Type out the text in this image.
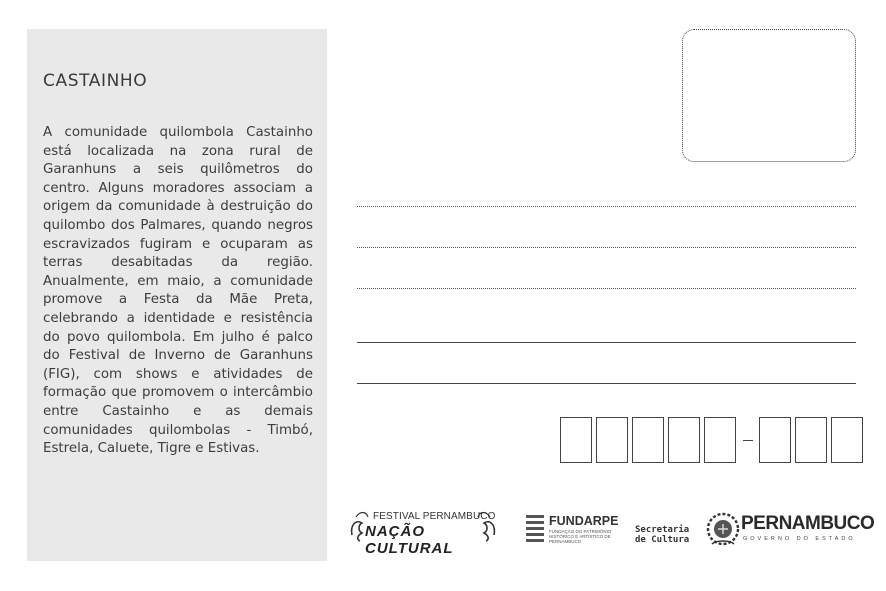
CASTAINHO

A comunidade quilombola Castainho está localizada na zona rural de Garanhuns a seis quilômetros do centro. Alguns moradores associam a origem da comunidade à destruição do quilombo dos Palmares, quando negros escravizados fugiram e ocuparam as terras desabitadas da região. Anualmente, em maio, a comunidade promove a Festa da Mãe Preta, celebrando a identidade e resistência do povo quilombola. Em julho é palco do Festival de Inverno de Garanhuns (FIG), com shows e atividades de formação que promovem o intercâmbio entre Castainho e as demais comunidades quilombolas - Timbó, Estrela, Caluete, Tigre e Estivas.

FESTIVAL PERNAMBUCO
NAÇÃO CULTURAL
FUNDARPE
FUNDAÇÃO DO PATRIMÔNIO HISTÓRICO E ARTÍSTICO DE PERNAMBUCO
Secretaria
de Cultura
PERNAMBUCO
GOVERNO DO ESTADO
